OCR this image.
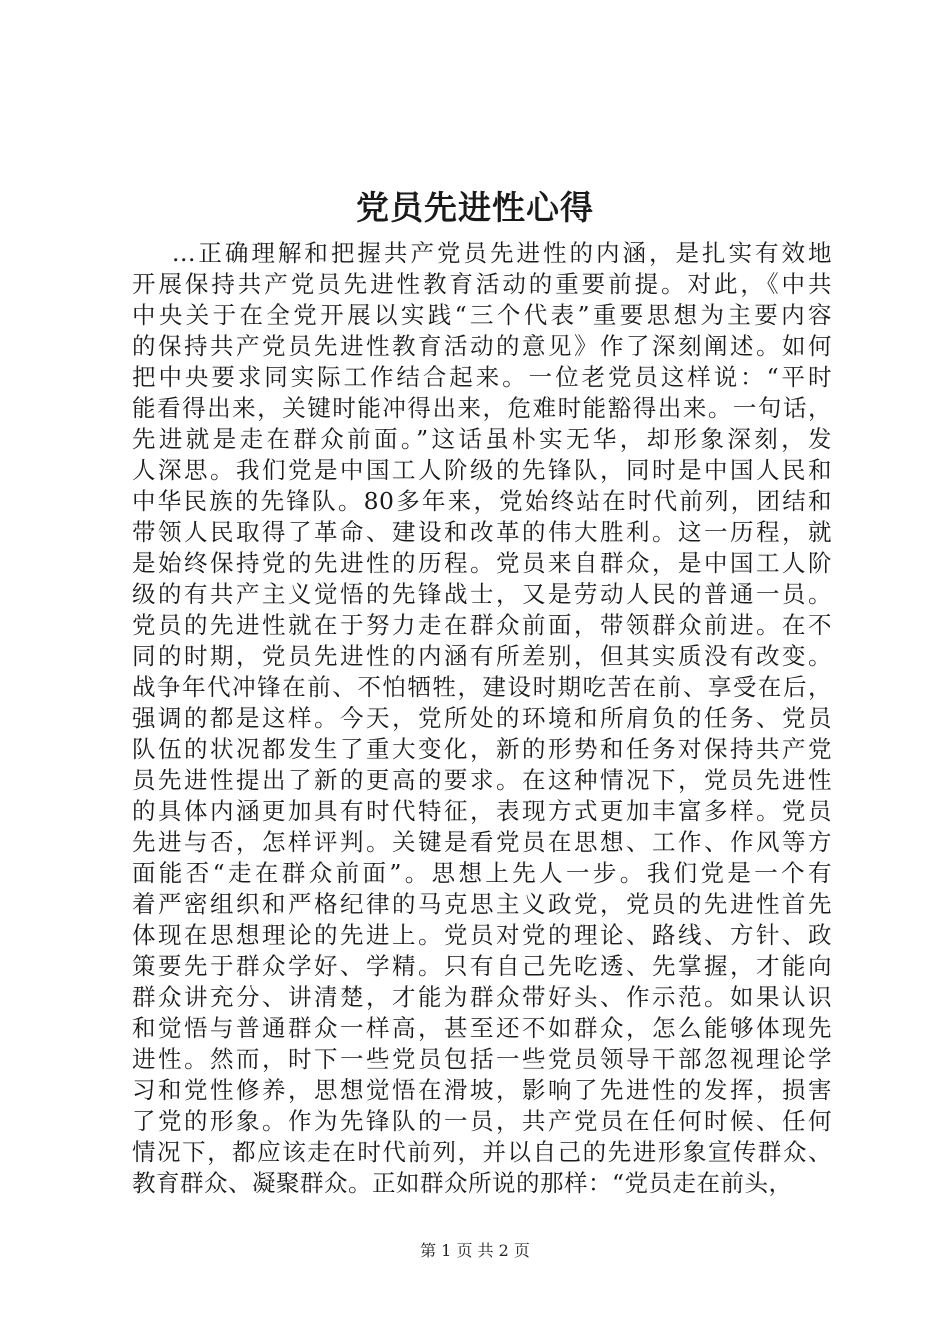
党员先进性心得
...正确理解和把握共产党员先进性的内涵，是扎实有效地
开展保持共产党员先进性教育活动的重要前提。对此，《中共
中央关于在全党开展以实践“三个代表”重要思想为主要内容
的保持共产党员先进性教育活动的意见》作了深刻阐述。如何
把中央要求同实际工作结合起来。一位老党员这样说：“平时
能看得出来，关键时能冲得出来，危难时能豁得出来。一句话，
先进就是走在群众前面。”这话虽朴实无华，却形象深刻，发
人深思。我们党是中国工人阶级的先锋队，同时是中国人民和
中华民族的先锋队。80多年来，党始终站在时代前列，团结和
带领人民取得了革命、建设和改革的伟大胜利。这一历程，就
是始终保持党的先进性的历程。党员来自群众，是中国工人阶
级的有共产主义觉悟的先锋战士，又是劳动人民的普通一员。
党员的先进性就在于努力走在群众前面，带领群众前进。在不
同的时期，党员先进性的内涵有所差别，但其实质没有改变。
战争年代冲锋在前、不怕牺牲，建设时期吃苦在前、享受在后，
强调的都是这样。今天，党所处的环境和所肩负的任务、党员
队伍的状况都发生了重大变化，新的形势和任务对保持共产党
员先进性提出了新的更高的要求。在这种情况下，党员先进性
的具体内涵更加具有时代特征，表现方式更加丰富多样。党员
先进与否，怎样评判。关键是看党员在思想、工作、作风等方
面能否“走在群众前面”。思想上先人一步。我们党是一个有
着严密组织和严格纪律的马克思主义政党，党员的先进性首先
体现在思想理论的先进上。党员对党的理论、路线、方针、政
策要先于群众学好、学精。只有自己先吃透、先掌握，才能向
群众讲充分、讲清楚，才能为群众带好头、作示范。如果认识
和觉悟与普通群众一样高，甚至还不如群众，怎么能够体现先
进性。然而，时下一些党员包括一些党员领导干部忽视理论学
习和党性修养，思想觉悟在滑坡，影响了先进性的发挥，损害
了党的形象。作为先锋队的一员，共产党员在任何时候、任何
情况下，都应该走在时代前列，并以自己的先进形象宣传群众、
教育群众、凝聚群众。正如群众所说的那样：“党员走在前头，
第 1 页 共 2 页
